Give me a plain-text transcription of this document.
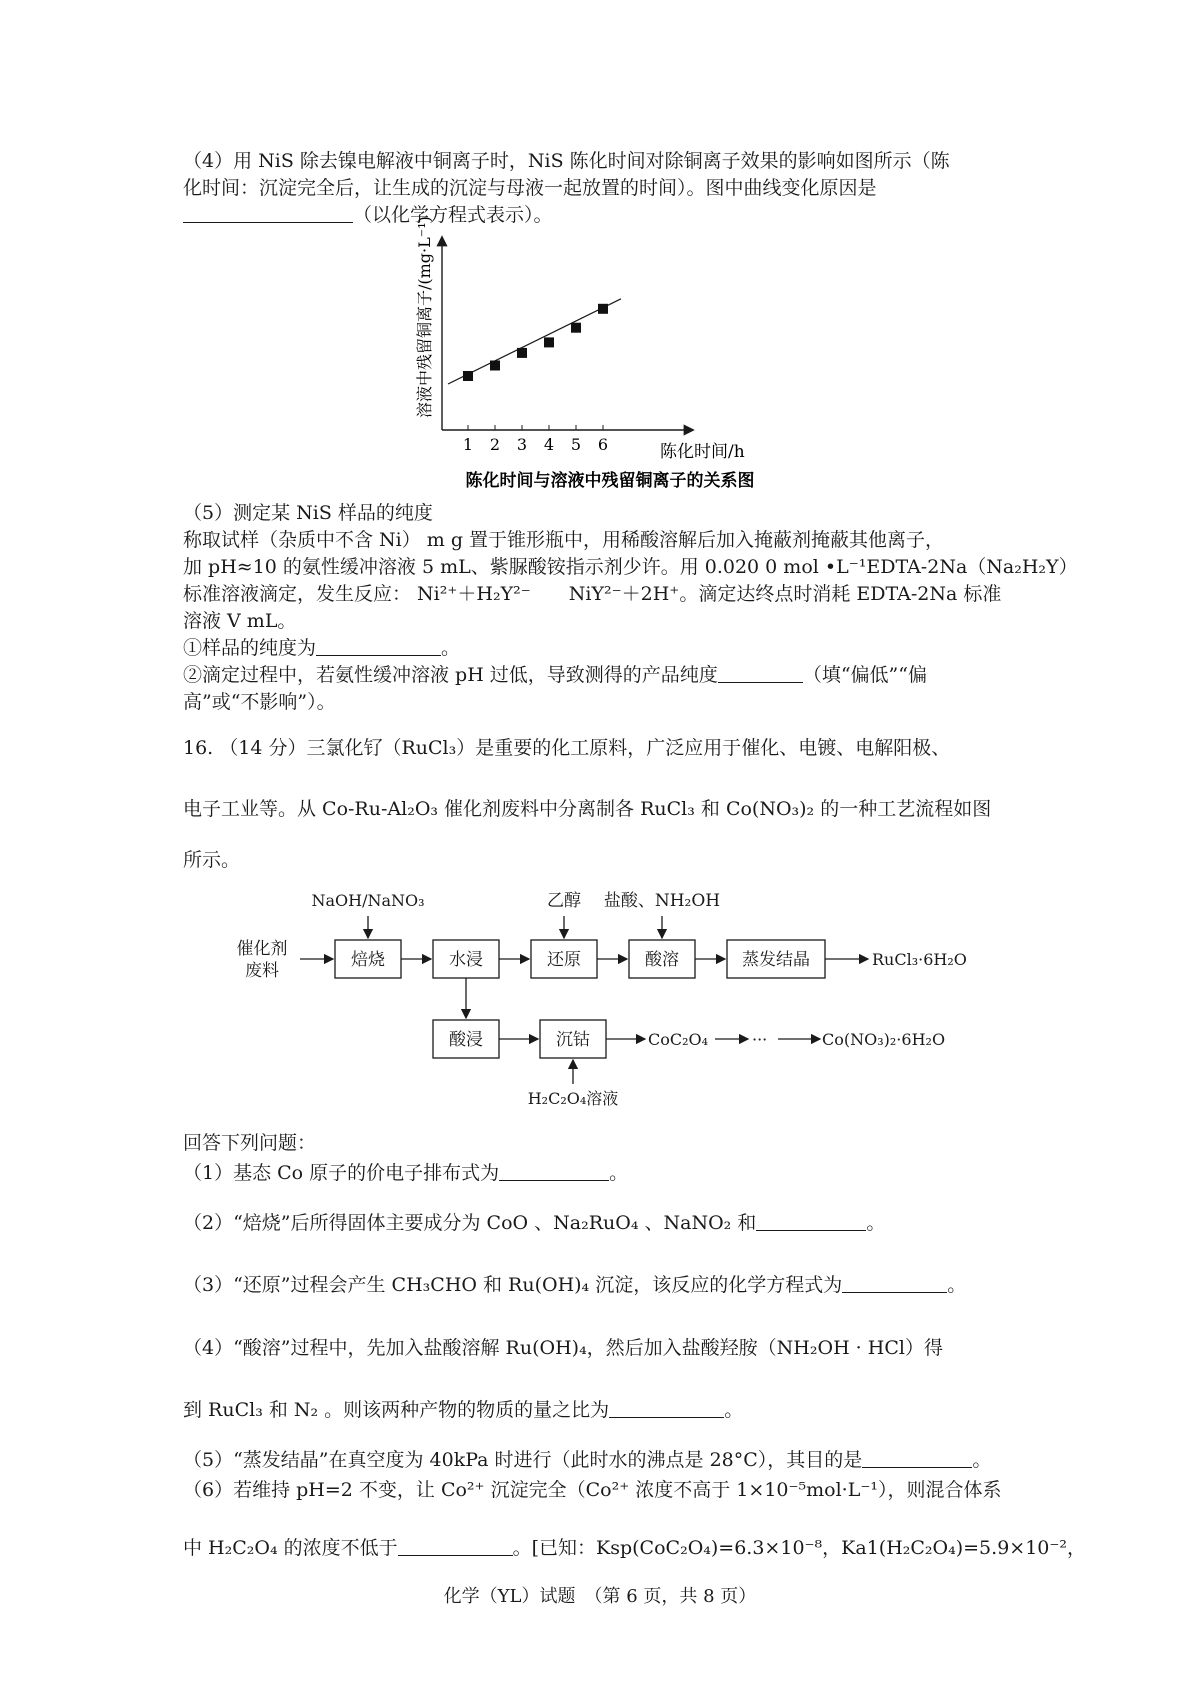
（4）用 NiS 除去镍电解液中铜离子时，NiS 陈化时间对除铜离子效果的影响如图所示（陈
化时间：沉淀完全后，让生成的沉淀与母液一起放置的时间）。图中曲线变化原因是
（以化学方程式表示）。
1 2 3 4 5 6	陈化时间/h
溶液中残留铜离子/(mg·L⁻¹)
陈化时间与溶液中残留铜离子的关系图
（5）测定某 NiS 样品的纯度
称取试样（杂质中不含 Ni） m g 置于锥形瓶中，用稀酸溶解后加入掩蔽剂掩蔽其他离子，
加 pH≈10 的氨性缓冲溶液 5 mL、紫脲酸铵指示剂少许。用 0.020 0 mol •L⁻¹EDTA-2Na（Na₂H₂Y）
标准溶液滴定，发生反应： Ni²⁺＋H₂Y²⁻　　NiY²⁻＋2H⁺。滴定达终点时消耗 EDTA-2Na 标准
溶液 V mL。
①样品的纯度为	。
②滴定过程中，若氨性缓冲溶液 pH 过低，导致测得的产品纯度	（填“偏低”“偏
高”或“不影响”）。
16. （14 分）三氯化钌（RuCl₃）是重要的化工原料，广泛应用于催化、电镀、电解阳极、
电子工业等。从 Co-Ru-Al₂O₃ 催化剂废料中分离制各 RuCl₃ 和 Co(NO₃)₂ 的一种工艺流程如图
所示。
催化剂
废料
NaOH/NaNO₃	乙醇 盐酸、NH₂OH
焙烧	水浸	还原	酸溶	蒸发结晶
酸浸	沉钴
RuCl₃·6H₂O
CoC₂O₄	···	Co(NO₃)₂·6H₂O
H₂C₂O₄溶液
回答下列问题：
（1）基态 Co 原子的价电子排布式为	。
（2）“焙烧”后所得固体主要成分为 CoO 、Na₂RuO₄ 、NaNO₂ 和	。
（3）“还原”过程会产生 CH₃CHO 和 Ru(OH)₄ 沉淀，该反应的化学方程式为	。
（4）“酸溶”过程中，先加入盐酸溶解 Ru(OH)₄，然后加入盐酸羟胺（NH₂OH · HCl）得
到 RuCl₃ 和 N₂ 。则该两种产物的物质的量之比为	。
（5）“蒸发结晶”在真空度为 40kPa 时进行（此时水的沸点是 28°C），其目的是	。
（6）若维持 pH=2 不变，让 Co²⁺ 沉淀完全（Co²⁺ 浓度不高于 1×10⁻⁵mol·L⁻¹），则混合体系
中 H₂C₂O₄ 的浓度不低于	。[已知：Ksp(CoC₂O₄)=6.3×10⁻⁸，Ka1(H₂C₂O₄)=5.9×10⁻²，
化学（YL）试题　（第 6 页，共 8 页）
